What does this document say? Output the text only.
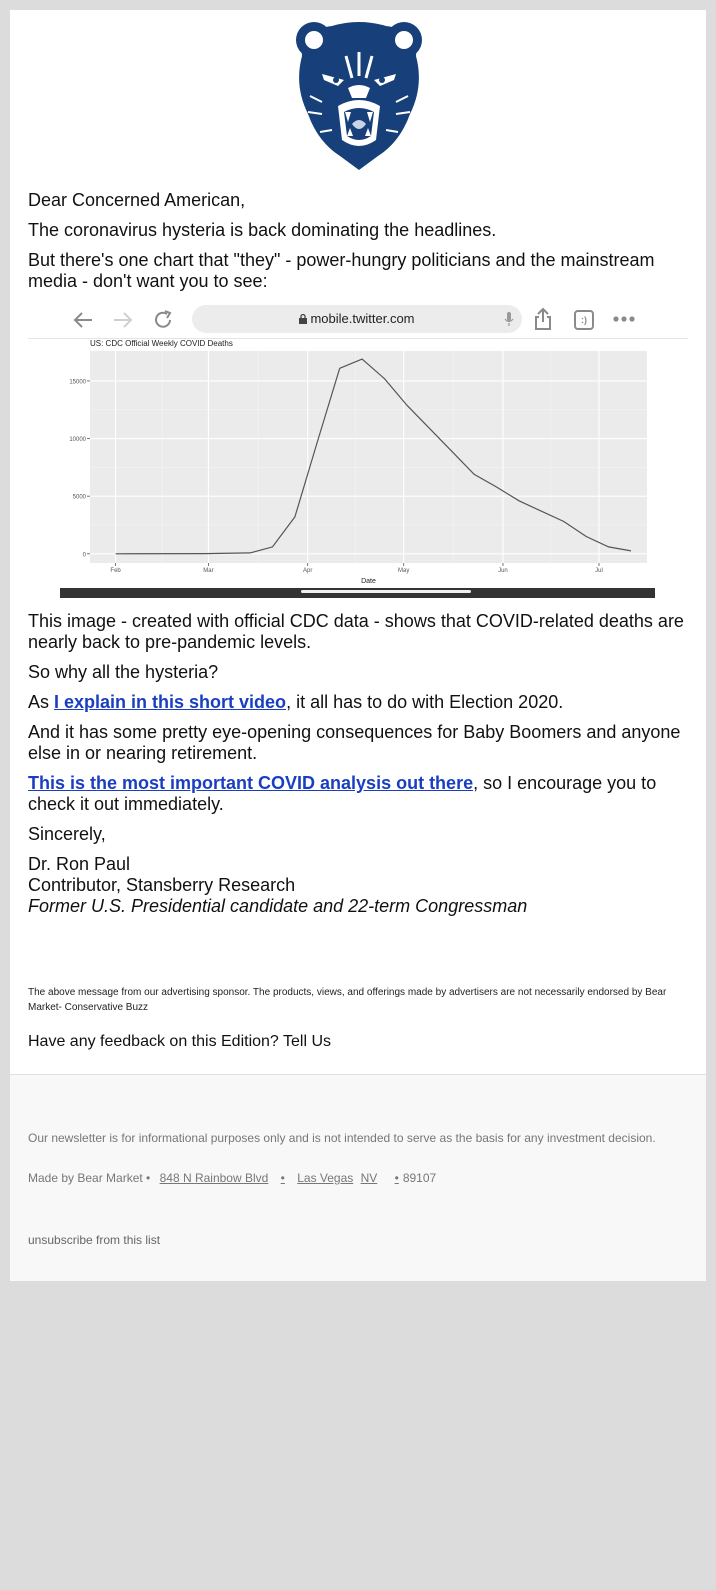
Dear Concerned American,

The coronavirus hysteria is back dominating the headlines.

But there's one chart that "they" - power-hungry politicians and the mainstream media - don't want you to see:

mobile.twitter.com	:)
0
5000
10000
15000
Feb	Mar	Apr	May	Jun	Jul
US: CDC Official Weekly COVID Deaths
Date

This image - created with official CDC data - shows that COVID-related deaths are nearly back to pre-pandemic levels.

So why all the hysteria?

As I explain in this short video, it all has to do with Election 2020.

And it has some pretty eye-opening consequences for Baby Boomers and anyone else in or nearing retirement.

This is the most important COVID analysis out there, so I encourage you to check it out immediately.

Sincerely,

Dr. Ron Paul
Contributor, Stansberry Research
Former U.S. Presidential candidate and 22-term Congressman
The above message from our advertising sponsor. The products, views, and offerings made by advertisers are not necessarily endorsed by Bear Market- Conservative Buzz
Have any feedback on this Edition? Tell Us

Our newsletter is for informational purposes only and is not intended to serve as the basis for any investment decision.

Made by Bear Market • 848 N Rainbow Blvd • Las Vegas NV • 89107

unsubscribe from this list
